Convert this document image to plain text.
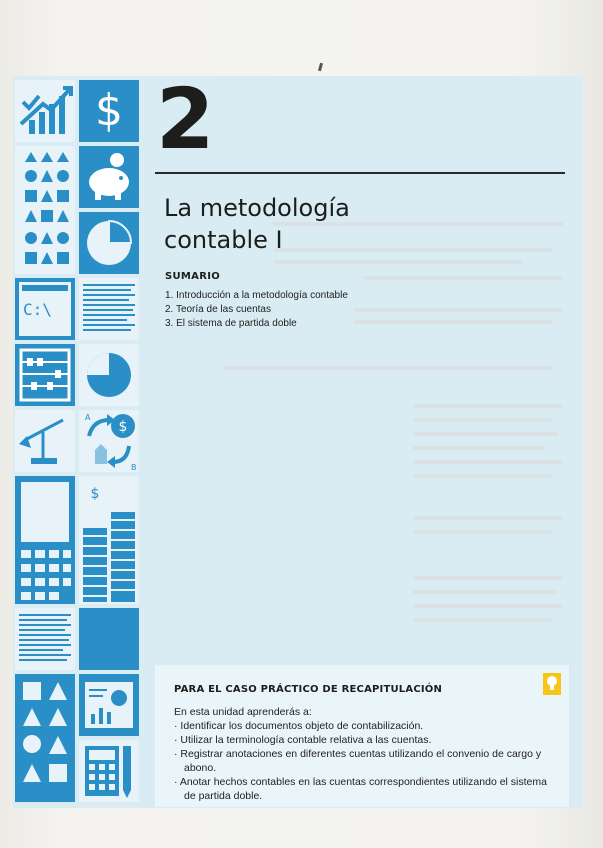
$
C:\
$
A
B
$
2
La metodología
contable I
SUMARIO
1. Introducción a la metodología contable
2. Teoría de las cuentas
3. El sistema de partida doble
PARA EL CASO PRÁCTICO DE RECAPITULACIÓN
En esta unidad aprenderás a:
· Identificar los documentos objeto de contabilización.
· Utilizar la terminología contable relativa a las cuentas.
· Registrar anotaciones en diferentes cuentas utilizando el convenio de cargo y abono.
· Anotar hechos contables en las cuentas correspondientes utilizando el sistema de partida doble.
